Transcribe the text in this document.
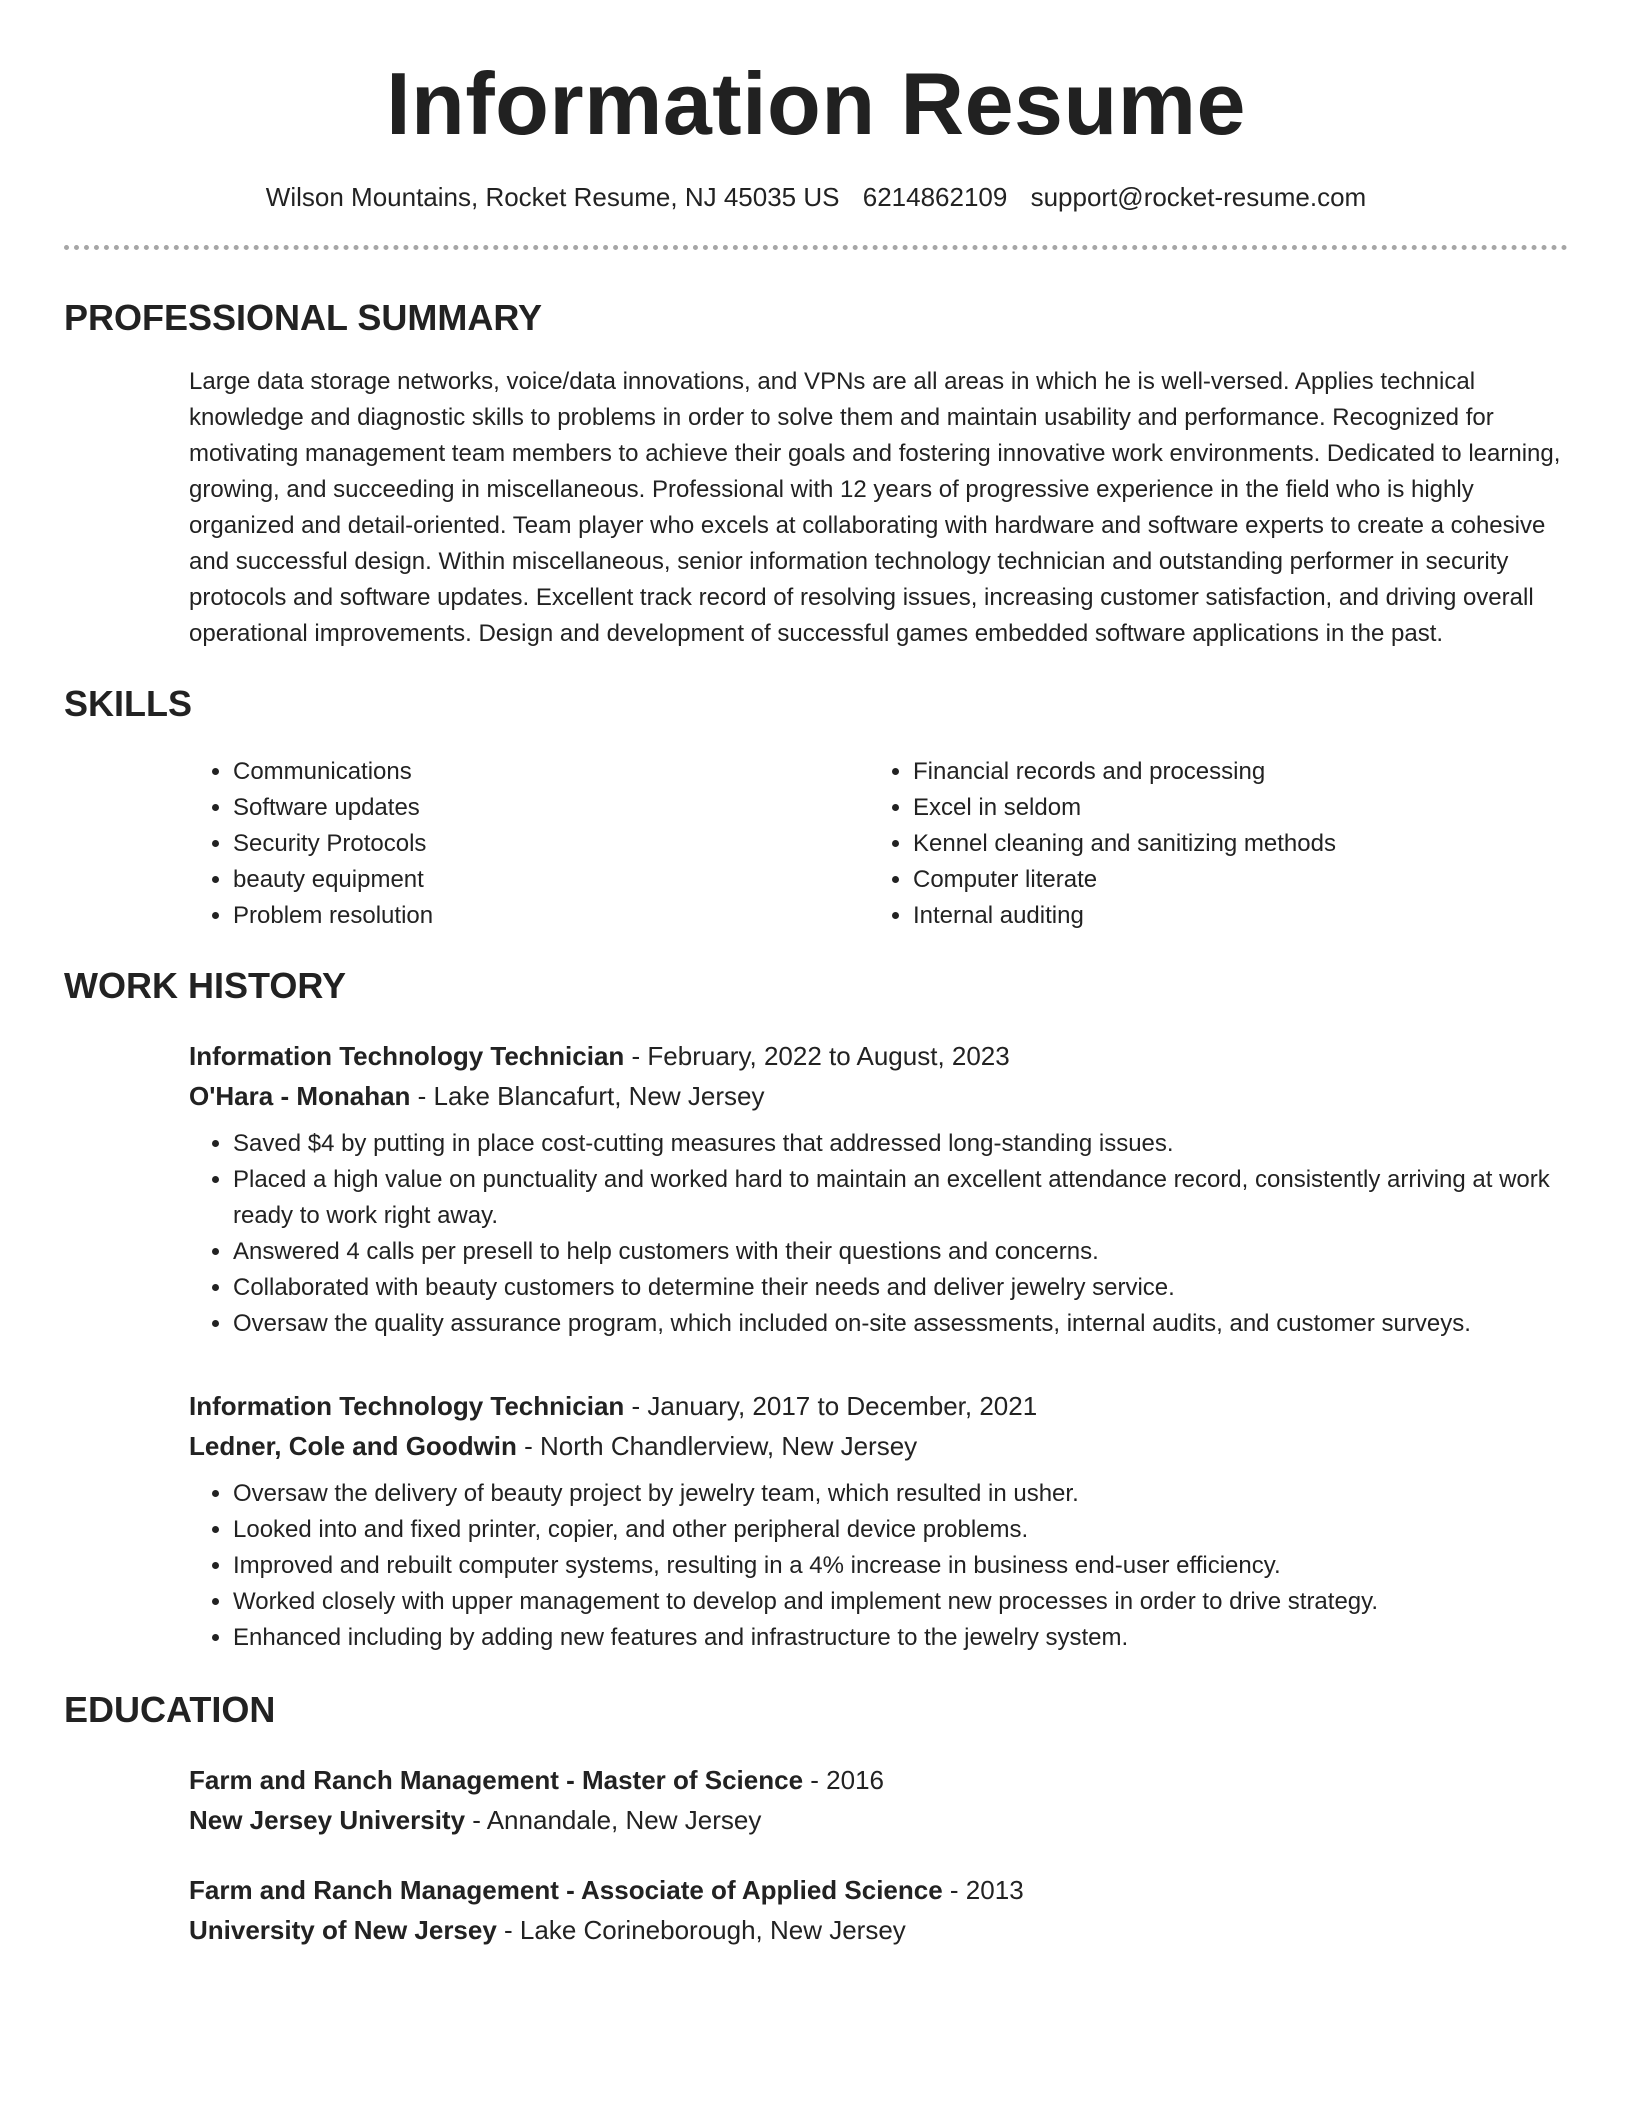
Information Resume
Wilson Mountains, Rocket Resume, NJ 45035 US 6214862109 support@rocket-resume.com
PROFESSIONAL SUMMARY
Large data storage networks, voice/data innovations, and VPNs are all areas in which he is well-versed. Applies technical knowledge and diagnostic skills to problems in order to solve them and maintain usability and performance. Recognized for motivating management team members to achieve their goals and fostering innovative work environments. Dedicated to learning, growing, and succeeding in miscellaneous. Professional with 12 years of progressive experience in the field who is highly organized and detail-oriented. Team player who excels at collaborating with hardware and software experts to create a cohesive and successful design. Within miscellaneous, senior information technology technician and outstanding performer in security protocols and software updates. Excellent track record of resolving issues, increasing customer satisfaction, and driving overall operational improvements. Design and development of successful games embedded software applications in the past.
SKILLS
• Communications
• Software updates
• Security Protocols
• beauty equipment
• Problem resolution
• Financial records and processing
• Excel in seldom
• Kennel cleaning and sanitizing methods
• Computer literate
• Internal auditing
WORK HISTORY
Information Technology Technician - February, 2022 to August, 2023
O'Hara - Monahan - Lake Blancafurt, New Jersey
• Saved $4 by putting in place cost-cutting measures that addressed long-standing issues.
• Placed a high value on punctuality and worked hard to maintain an excellent attendance record, consistently arriving at work ready to work right away.
• Answered 4 calls per presell to help customers with their questions and concerns.
• Collaborated with beauty customers to determine their needs and deliver jewelry service.
• Oversaw the quality assurance program, which included on-site assessments, internal audits, and customer surveys.
Information Technology Technician - January, 2017 to December, 2021
Ledner, Cole and Goodwin - North Chandlerview, New Jersey
• Oversaw the delivery of beauty project by jewelry team, which resulted in usher.
• Looked into and fixed printer, copier, and other peripheral device problems.
• Improved and rebuilt computer systems, resulting in a 4% increase in business end-user efficiency.
• Worked closely with upper management to develop and implement new processes in order to drive strategy.
• Enhanced including by adding new features and infrastructure to the jewelry system.
EDUCATION
Farm and Ranch Management - Master of Science - 2016
New Jersey University - Annandale, New Jersey
Farm and Ranch Management - Associate of Applied Science - 2013
University of New Jersey - Lake Corineborough, New Jersey
